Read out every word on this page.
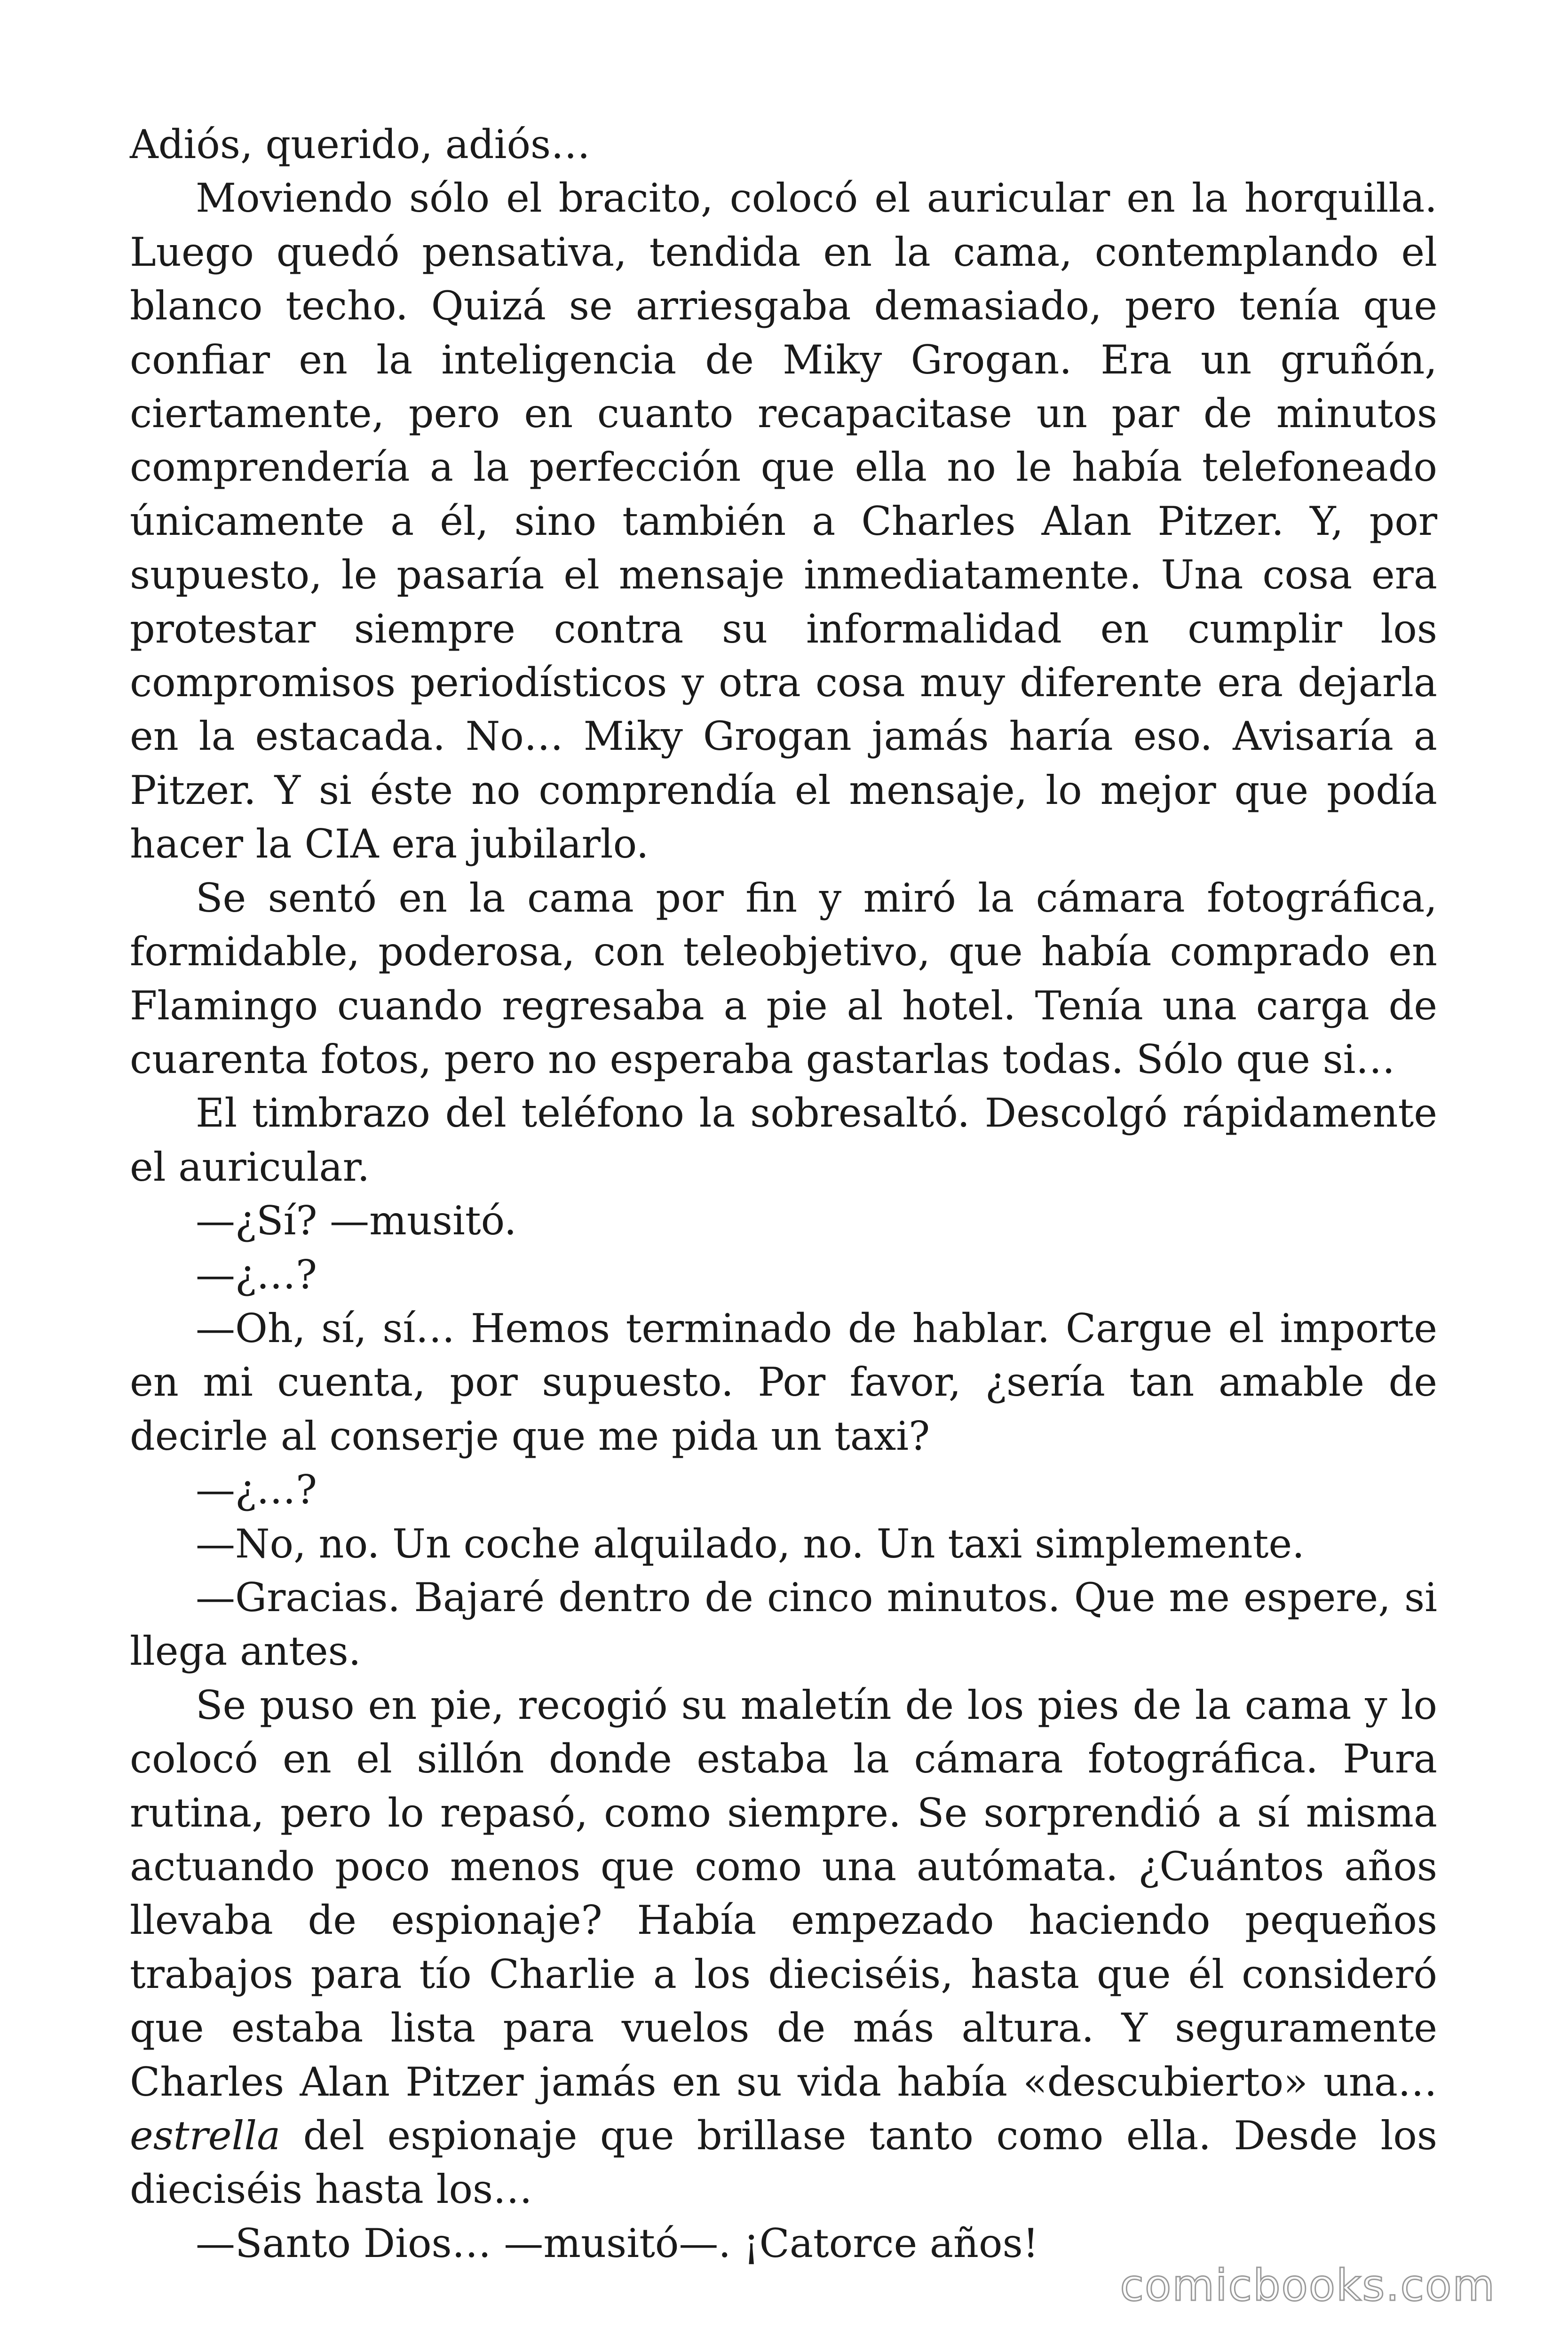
Adiós, querido, adiós…

Moviendo sólo el bracito, colocó el auricular en la horquilla. Luego quedó pensativa, tendida en la cama, contemplando el blanco techo. Quizá se arriesgaba demasiado, pero tenía que confiar en la inteligencia de Miky Grogan. Era un gruñón, ciertamente, pero en cuanto recapacitase un par de minutos comprendería a la perfección que ella no le había telefoneado únicamente a él, sino también a Charles Alan Pitzer. Y, por supuesto, le pasaría el mensaje inmediatamente. Una cosa era protestar siempre contra su informalidad en cumplir los compromisos periodísticos y otra cosa muy diferente era dejarla en la estacada. No… Miky Grogan jamás haría eso. Avisaría a Pitzer. Y si éste no comprendía el mensaje, lo mejor que podía hacer la CIA era jubilarlo.

Se sentó en la cama por fin y miró la cámara fotográfica, formidable, poderosa, con teleobjetivo, que había comprado en Flamingo cuando regresaba a pie al hotel. Tenía una carga de cuarenta fotos, pero no esperaba gastarlas todas. Sólo que si…

El timbrazo del teléfono la sobresaltó. Descolgó rápidamente el auricular.

—¿Sí? —musitó.

—¿…?

—Oh, sí, sí… Hemos terminado de hablar. Cargue el importe en mi cuenta, por supuesto. Por favor, ¿sería tan amable de decirle al conserje que me pida un taxi?

—¿…?

—No, no. Un coche alquilado, no. Un taxi simplemente.

—Gracias. Bajaré dentro de cinco minutos. Que me espere, si llega antes.

Se puso en pie, recogió su maletín de los pies de la cama y lo colocó en el sillón donde estaba la cámara fotográfica. Pura rutina, pero lo repasó, como siempre. Se sorprendió a sí misma actuando poco menos que como una autómata. ¿Cuántos años llevaba de espionaje? Había empezado haciendo pequeños trabajos para tío Charlie a los dieciséis, hasta que él consideró que estaba lista para vuelos de más altura. Y seguramente Charles Alan Pitzer jamás en su vida había «descubierto» una… estrella del espionaje que brillase tanto como ella. Desde los dieciséis hasta los…

—Santo Dios… —musitó—. ¡Catorce años!

comicbooks.com
